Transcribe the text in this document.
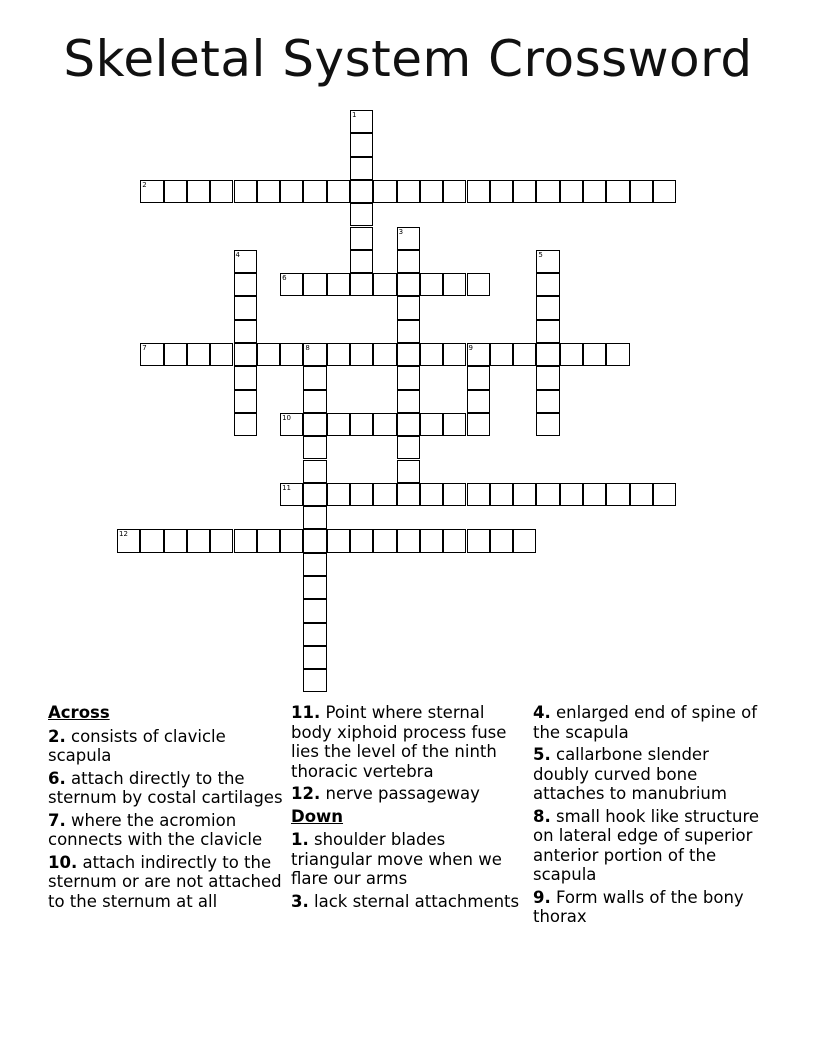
Skeletal System Crossword
1
2
3
4	5
6
7	8	9
10
11
12
Across
2. consists of clavicle scapula
6. attach directly to the sternum by costal cartilages
7. where the acromion connects with the clavicle
10. attach indirectly to the sternum or are not attached to the sternum at all
11. Point where sternal body xiphoid process fuse lies the level of the ninth thoracic vertebra
12. nerve passageway
Down
1. shoulder blades triangular move when we flare our arms
3. lack sternal attachments
4. enlarged end of spine of the scapula
5. callarbone slender doubly curved bone attaches to manubrium
8. small hook like structure on lateral edge of superior anterior portion of the scapula
9. Form walls of the bony thorax
